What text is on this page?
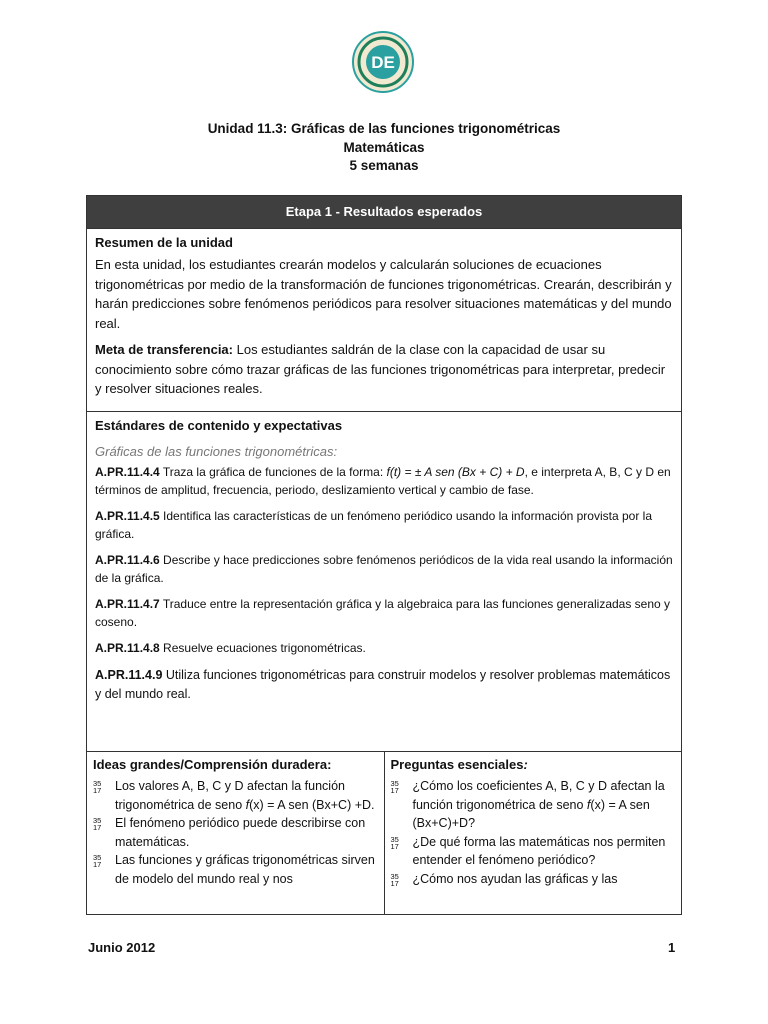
DE
Unidad 11.3: Gráficas de las funciones trigonométricas
Matemáticas
5 semanas
Etapa 1 - Resultados esperados
Resumen de la unidad

En esta unidad, los estudiantes crearán modelos y calcularán soluciones de ecuaciones trigonométricas por medio de la transformación de funciones trigonométricas. Crearán, describirán y harán predicciones sobre fenómenos periódicos para resolver situaciones matemáticas y del mundo real.

Meta de transferencia: Los estudiantes saldrán de la clase con la capacidad de usar su conocimiento sobre cómo trazar gráficas de las funciones trigonométricas para interpretar, predecir y resolver situaciones reales.

Estándares de contenido y expectativas
Gráficas de las funciones trigonométricas:
A.PR.11.4.4 Traza la gráfica de funciones de la forma: f(t) = ± A sen (Bx + C) + D, e interpreta A, B, C y D en términos de amplitud, frecuencia, periodo, deslizamiento vertical y cambio de fase.
A.PR.11.4.5 Identifica las características de un fenómeno periódico usando la información provista por la gráfica.
A.PR.11.4.6 Describe y hace predicciones sobre fenómenos periódicos de la vida real usando la información de la gráfica.
A.PR.11.4.7 Traduce entre la representación gráfica y la algebraica para las funciones generalizadas seno y coseno.
A.PR.11.4.8 Resuelve ecuaciones trigonométricas.
A.PR.11.4.9 Utiliza funciones trigonométricas para construir modelos y resolver problemas matemáticos y del mundo real.
Ideas grandes/Comprensión duradera:
35
17	Los valores A, B, C y D afectan la función trigonométrica de seno f(x) = A sen (Bx+C) +D.
35
17	El fenómeno periódico puede describirse con matemáticas.
35
17	Las funciones y gráficas trigonométricas sirven de modelo del mundo real y nos
Preguntas esenciales:
35
17	¿Cómo los coeficientes A, B, C y D afectan la función trigonométrica de seno f(x) = A sen (Bx+C)+D?
35
17	¿De qué forma las matemáticas nos permiten entender el fenómeno periódico?
35
17	¿Cómo nos ayudan las gráficas y las
Junio 2012	1
